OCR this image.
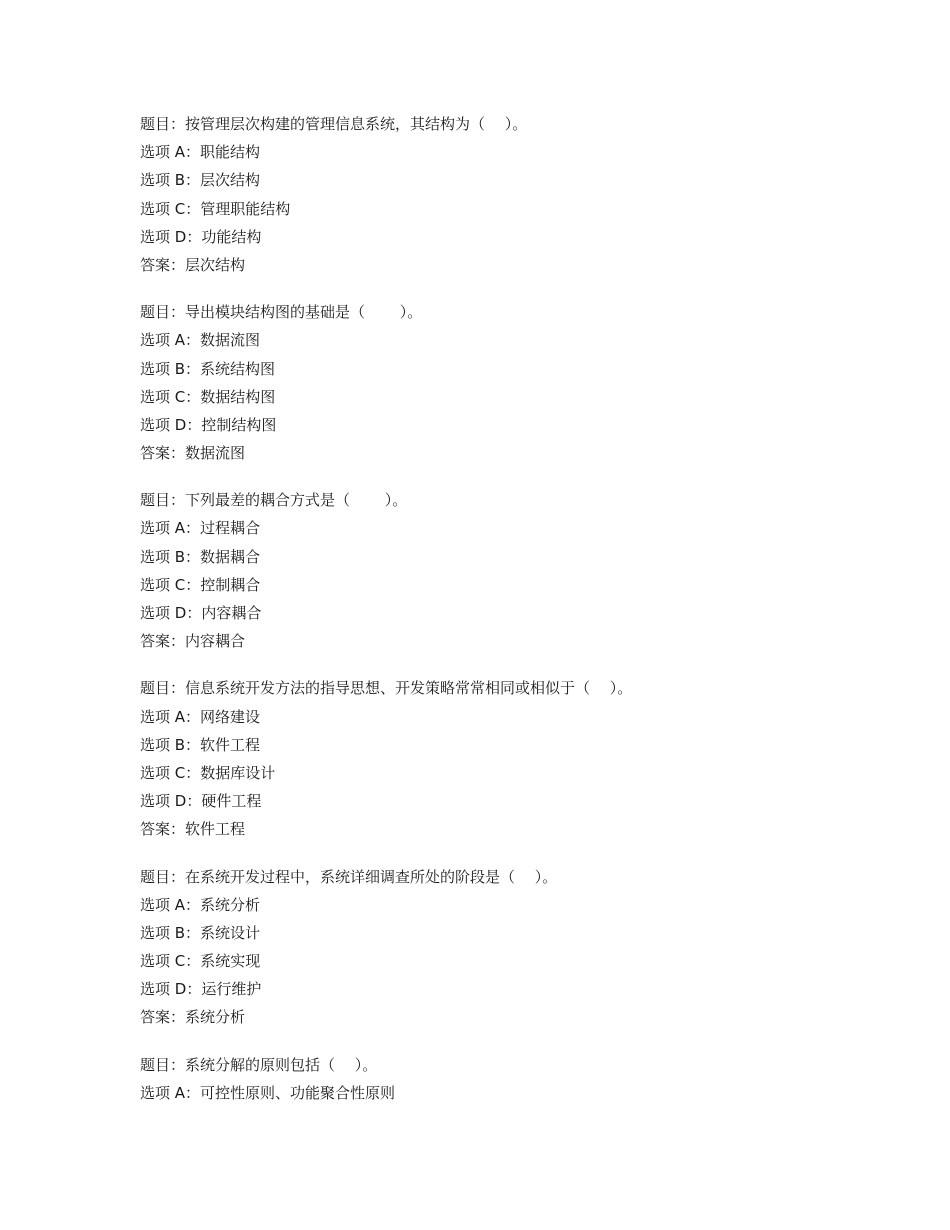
题目：按管理层次构建的管理信息系统，其结构为（　 ）。
选项 A：职能结构
选项 B：层次结构
选项 C：管理职能结构
选项 D：功能结构
答案：层次结构
题目：导出模块结构图的基础是（　　 ）。
选项 A：数据流图
选项 B：系统结构图
选项 C：数据结构图
选项 D：控制结构图
答案：数据流图
题目：下列最差的耦合方式是（　　 ）。
选项 A：过程耦合
选项 B：数据耦合
选项 C：控制耦合
选项 D：内容耦合
答案：内容耦合
题目：信息系统开发方法的指导思想、开发策略常常相同或相似于（　 ）。
选项 A：网络建设
选项 B：软件工程
选项 C：数据库设计
选项 D：硬件工程
答案：软件工程
题目：在系统开发过程中，系统详细调查所处的阶段是（　 ）。
选项 A：系统分析
选项 B：系统设计
选项 C：系统实现
选项 D：运行维护
答案：系统分析
题目：系统分解的原则包括（　 ）。
选项 A：可控性原则、功能聚合性原则
